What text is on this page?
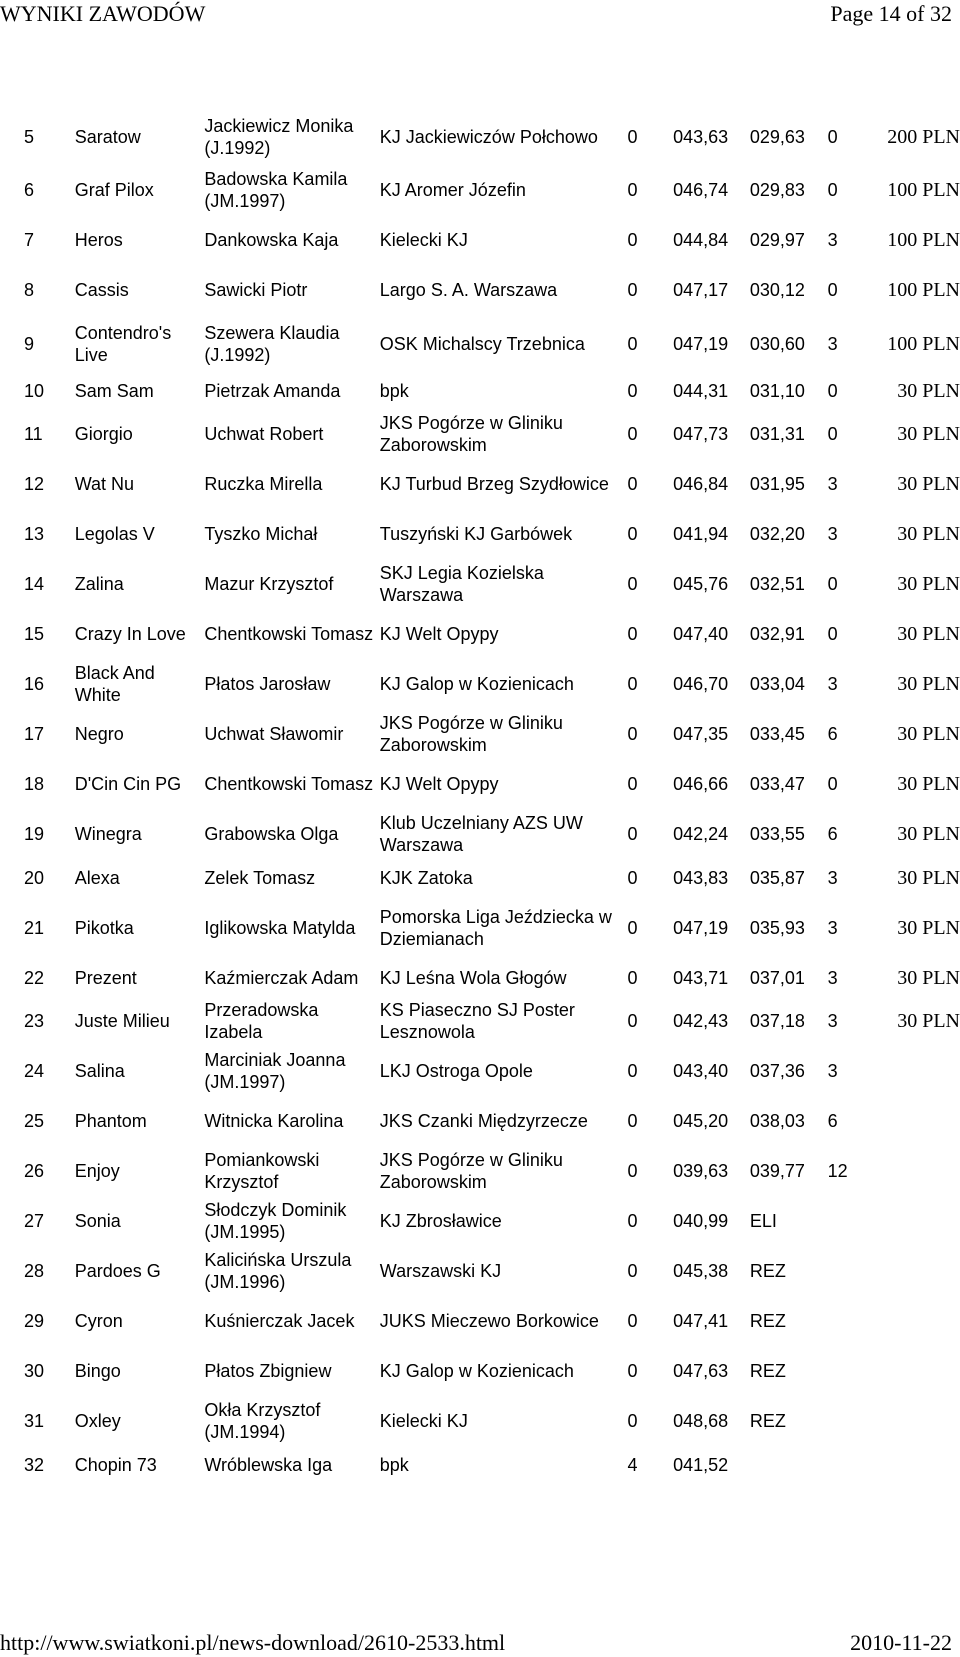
WYNIKI ZAWODÓW	Page 14 of 32
5	Saratow	Jackiewicz Monika (J.1992)	KJ Jackiewiczów Połchowo	0	043,63	029,63	0	200 PLN
6	Graf Pilox	Badowska Kamila (JM.1997)	KJ Aromer Józefin	0	046,74	029,83	0	100 PLN
7	Heros	Dankowska Kaja	Kielecki KJ	0	044,84	029,97	3	100 PLN
8	Cassis	Sawicki Piotr	Largo S. A. Warszawa	0	047,17	030,12	0	100 PLN
9	Contendro's Live	Szewera Klaudia (J.1992)	OSK Michalscy Trzebnica	0	047,19	030,60	3	100 PLN
10	Sam Sam	Pietrzak Amanda	bpk	0	044,31	031,10	0	30 PLN
11	Giorgio	Uchwat Robert	JKS Pogórze w Gliniku Zaborowskim	0	047,73	031,31	0	30 PLN
12	Wat Nu	Ruczka Mirella	KJ Turbud Brzeg Szydłowice	0	046,84	031,95	3	30 PLN
13	Legolas V	Tyszko Michał	Tuszyński KJ Garbówek	0	041,94	032,20	3	30 PLN
14	Zalina	Mazur Krzysztof	SKJ Legia Kozielska Warszawa	0	045,76	032,51	0	30 PLN
15	Crazy In Love	Chentkowski Tomasz	KJ Welt Opypy	0	047,40	032,91	0	30 PLN
16	Black And White	Płatos Jarosław	KJ Galop w Kozienicach	0	046,70	033,04	3	30 PLN
17	Negro	Uchwat Sławomir	JKS Pogórze w Gliniku Zaborowskim	0	047,35	033,45	6	30 PLN
18	D'Cin Cin PG	Chentkowski Tomasz	KJ Welt Opypy	0	046,66	033,47	0	30 PLN
19	Winegra	Grabowska Olga	Klub Uczelniany AZS UW Warszawa	0	042,24	033,55	6	30 PLN
20	Alexa	Zelek Tomasz	KJK Zatoka	0	043,83	035,87	3	30 PLN
21	Pikotka	Iglikowska Matylda	Pomorska Liga Jeździecka w Dziemianach	0	047,19	035,93	3	30 PLN
22	Prezent	Kaźmierczak Adam	KJ Leśna Wola Głogów	0	043,71	037,01	3	30 PLN
23	Juste Milieu	Przeradowska Izabela	KS Piaseczno SJ Poster Lesznowola	0	042,43	037,18	3	30 PLN
24	Salina	Marciniak Joanna (JM.1997)	LKJ Ostroga Opole	0	043,40	037,36	3	
25	Phantom	Witnicka Karolina	JKS Czanki Międzyrzecze	0	045,20	038,03	6	
26	Enjoy	Pomiankowski Krzysztof	JKS Pogórze w Gliniku Zaborowskim	0	039,63	039,77	12	
27	Sonia	Słodczyk Dominik (JM.1995)	KJ Zbrosławice	0	040,99	ELI		
28	Pardoes G	Kalicińska Urszula (JM.1996)	Warszawski KJ	0	045,38	REZ		
29	Cyron	Kuśnierczak Jacek	JUKS Mieczewo Borkowice	0	047,41	REZ		
30	Bingo	Płatos Zbigniew	KJ Galop w Kozienicach	0	047,63	REZ		
31	Oxley	Okła Krzysztof (JM.1994)	Kielecki KJ	0	048,68	REZ		
32	Chopin 73	Wróblewska Iga	bpk	4	041,52			
http://www.swiatkoni.pl/news-download/2610-2533.html	2010-11-22
